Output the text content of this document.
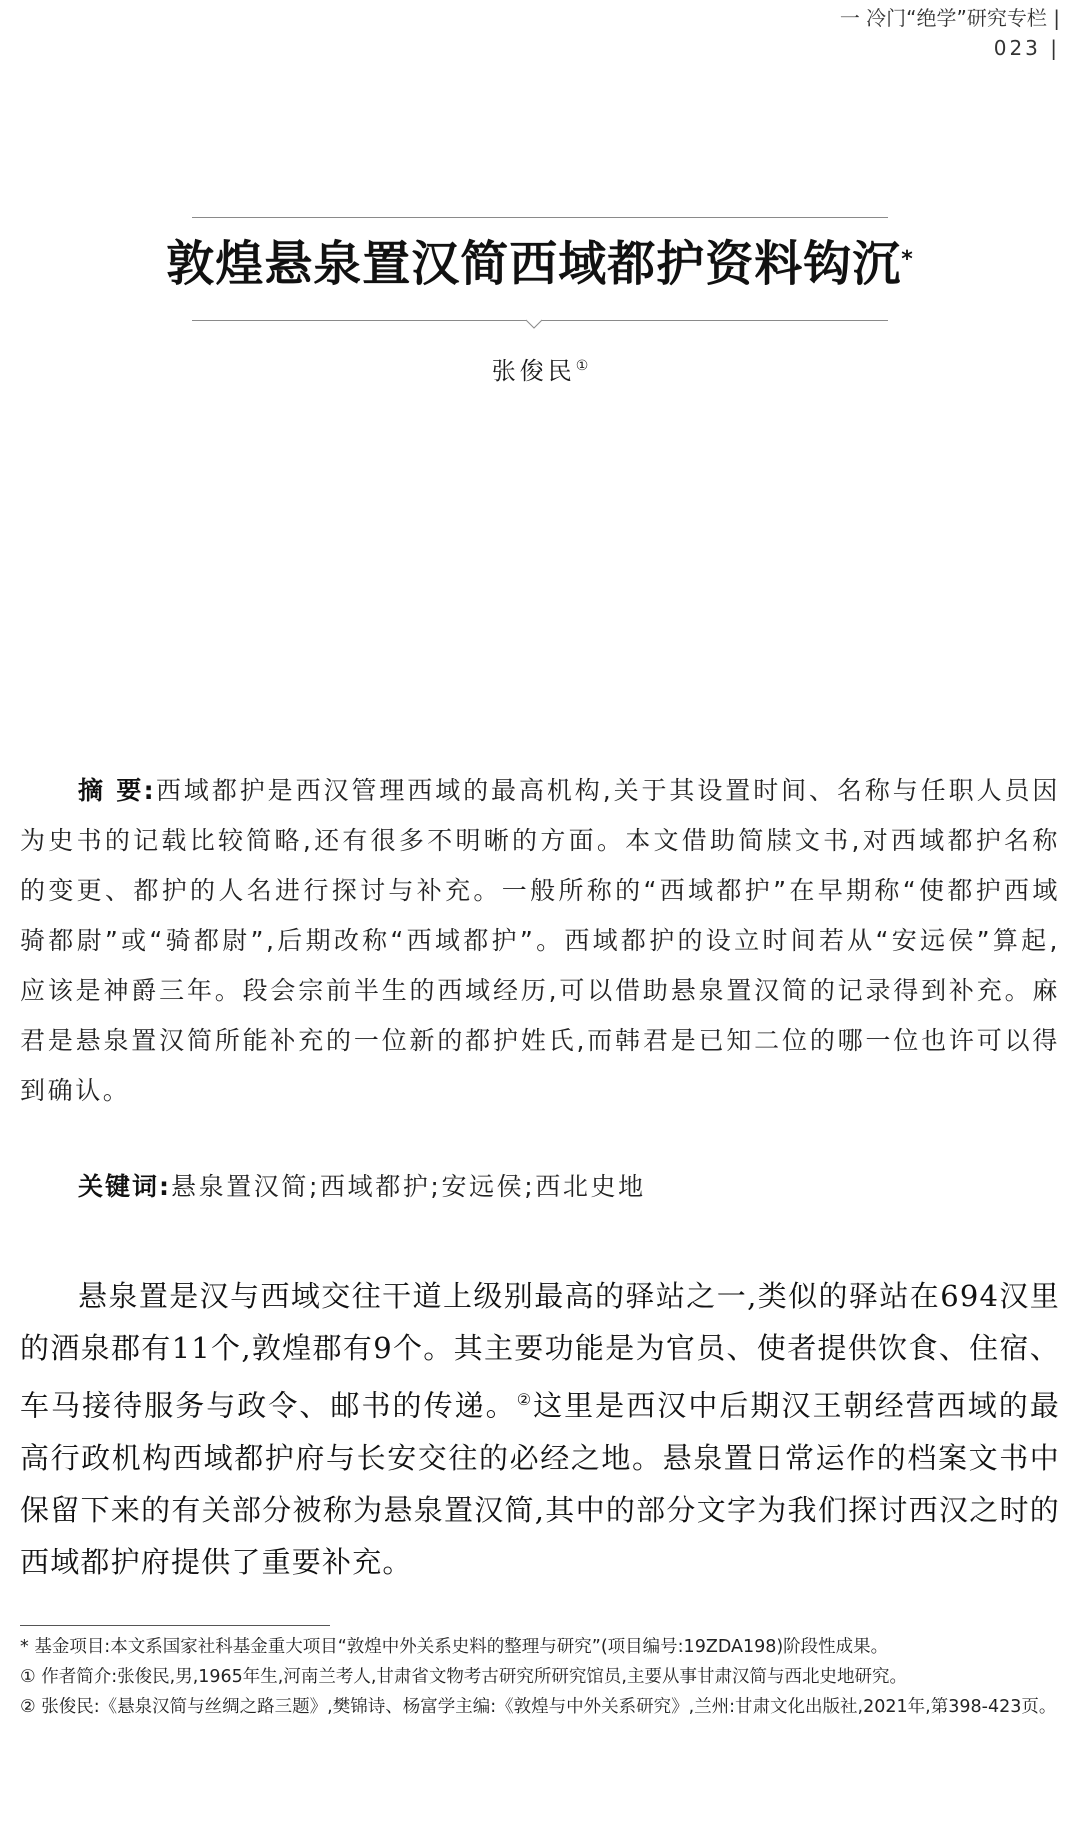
一 冷门“绝学”研究专栏 |
023 |
敦煌悬泉置汉简西域都护资料钩沉*
张俊民①
摘 要:西域都护是西汉管理西域的最高机构,关于其设置时间、名称与任职人员因为史书的记载比较简略,还有很多不明晰的方面。本文借助简牍文书,对西域都护名称的变更、都护的人名进行探讨与补充。一般所称的“西域都护”在早期称“使都护西域骑都尉”或“骑都尉”,后期改称“西域都护”。西域都护的设立时间若从“安远侯”算起,应该是神爵三年。段会宗前半生的西域经历,可以借助悬泉置汉简的记录得到补充。麻君是悬泉置汉简所能补充的一位新的都护姓氏,而韩君是已知二位的哪一位也许可以得到确认。
关键词:悬泉置汉简;西域都护;安远侯;西北史地
悬泉置是汉与西域交往干道上级别最高的驿站之一,类似的驿站在694汉里的酒泉郡有11个,敦煌郡有9个。其主要功能是为官员、使者提供饮食、住宿、车马接待服务与政令、邮书的传递。②这里是西汉中后期汉王朝经营西域的最高行政机构西域都护府与长安交往的必经之地。悬泉置日常运作的档案文书中保留下来的有关部分被称为悬泉置汉简,其中的部分文字为我们探讨西汉之时的西域都护府提供了重要补充。

* 基金项目:本文系国家社科基金重大项目“敦煌中外关系史料的整理与研究”(项目编号:19ZDA198)阶段性成果。

① 作者简介:张俊民,男,1965年生,河南兰考人,甘肃省文物考古研究所研究馆员,主要从事甘肃汉简与西北史地研究。

② 张俊民:《悬泉汉简与丝绸之路三题》,樊锦诗、杨富学主编:《敦煌与中外关系研究》,兰州:甘肃文化出版社,2021年,第398-423页。
